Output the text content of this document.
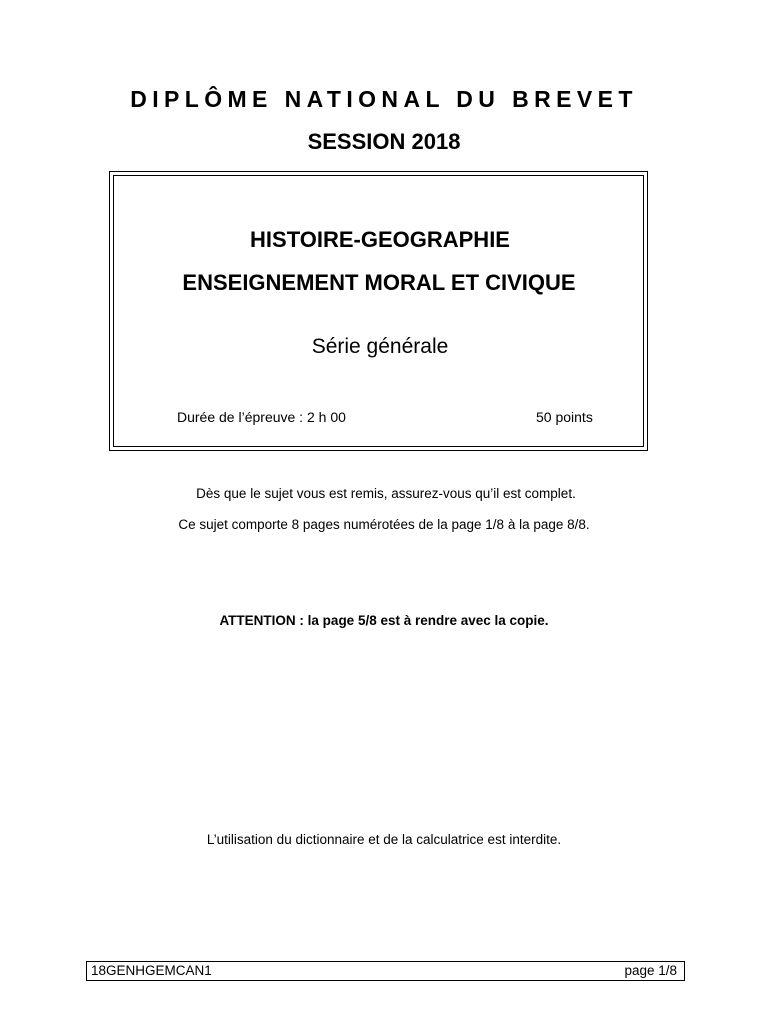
DIPLÔME NATIONAL DU BREVET
SESSION 2018
HISTOIRE-GEOGRAPHIE
ENSEIGNEMENT MORAL ET CIVIQUE
Série générale
Durée de l’épreuve : 2 h 00	50 points
Dès que le sujet vous est remis, assurez-vous qu’il est complet.
Ce sujet comporte 8 pages numérotées de la page 1/8 à la page 8/8.
ATTENTION : la page 5/8 est à rendre avec la copie.
L’utilisation du dictionnaire et de la calculatrice est interdite.
18GENHGEMCAN1	page 1/8
